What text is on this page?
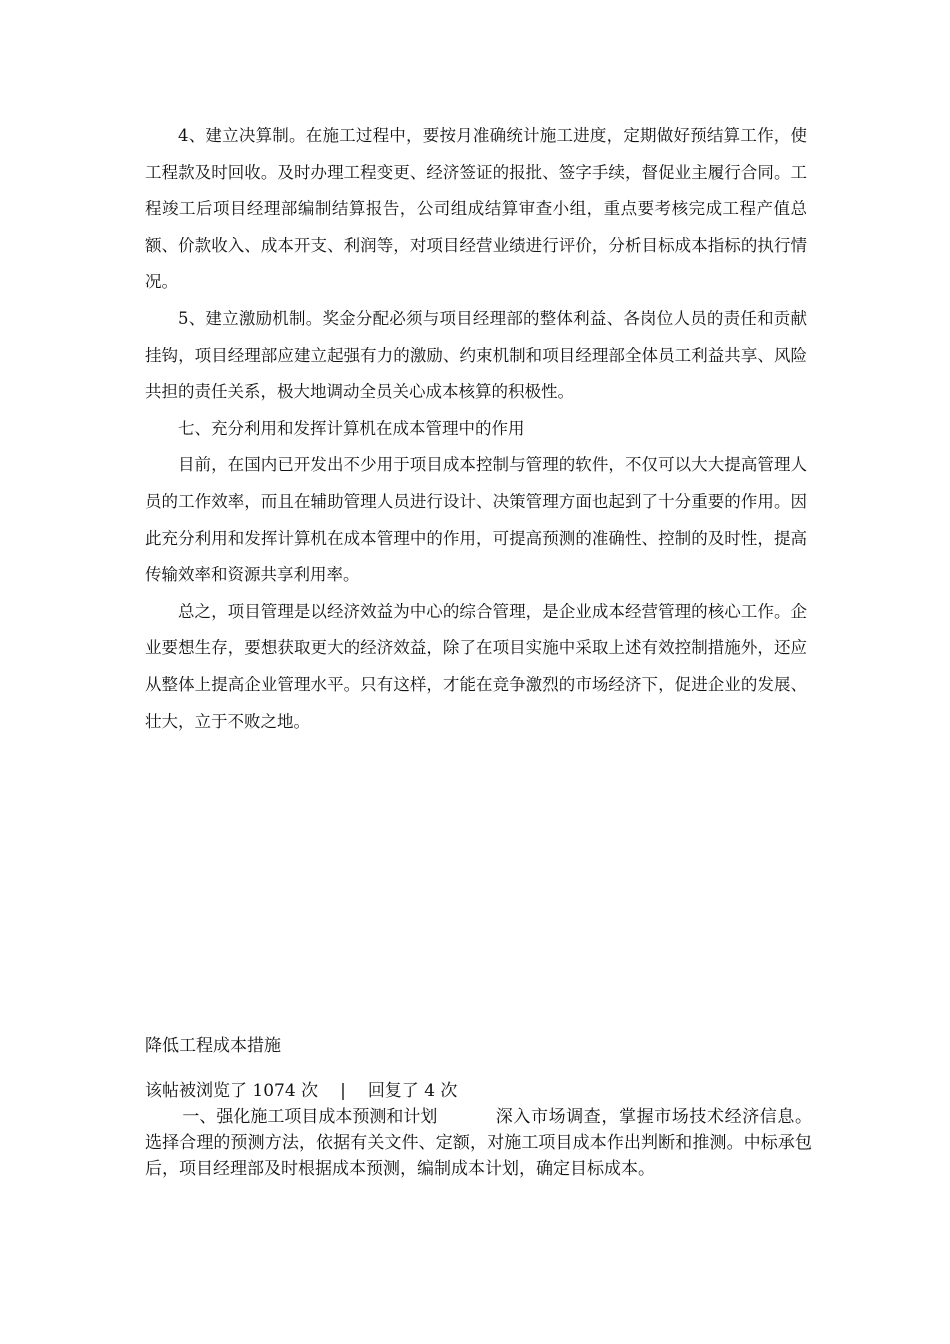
4、建立决算制。在施工过程中，要按月准确统计施工进度，定期做好预结算工作，使工程款及时回收。及时办理工程变更、经济签证的报批、签字手续，督促业主履行合同。工程竣工后项目经理部编制结算报告，公司组成结算审查小组，重点要考核完成工程产值总额、价款收入、成本开支、利润等，对项目经营业绩进行评价，分析目标成本指标的执行情况。

5、建立激励机制。奖金分配必须与项目经理部的整体利益、各岗位人员的责任和贡献挂钩，项目经理部应建立起强有力的激励、约束机制和项目经理部全体员工利益共享、风险共担的责任关系，极大地调动全员关心成本核算的积极性。

七、充分利用和发挥计算机在成本管理中的作用

目前，在国内已开发出不少用于项目成本控制与管理的软件，不仅可以大大提高管理人员的工作效率，而且在辅助管理人员进行设计、决策管理方面也起到了十分重要的作用。因此充分利用和发挥计算机在成本管理中的作用，可提高预测的准确性、控制的及时性，提高传输效率和资源共享利用率。

总之，项目管理是以经济效益为中心的综合管理，是企业成本经营管理的核心工作。企业要想生存，要想获取更大的经济效益，除了在项目实施中采取上述有效控制措施外，还应从整体上提高企业管理水平。只有这样，才能在竞争激烈的市场经济下，促进企业的发展、壮大，立于不败之地。

降低工程成本措施
该帖被浏览了 1074 次 | 回复了 4 次

一、强化施工项目成本预测和计划	深入市场调查，掌握市场技术经济信息。选择合理的预测方法，依据有关文件、定额，对施工项目成本作出判断和推测。中标承包后，项目经理部及时根据成本预测，编制成本计划，确定目标成本。
